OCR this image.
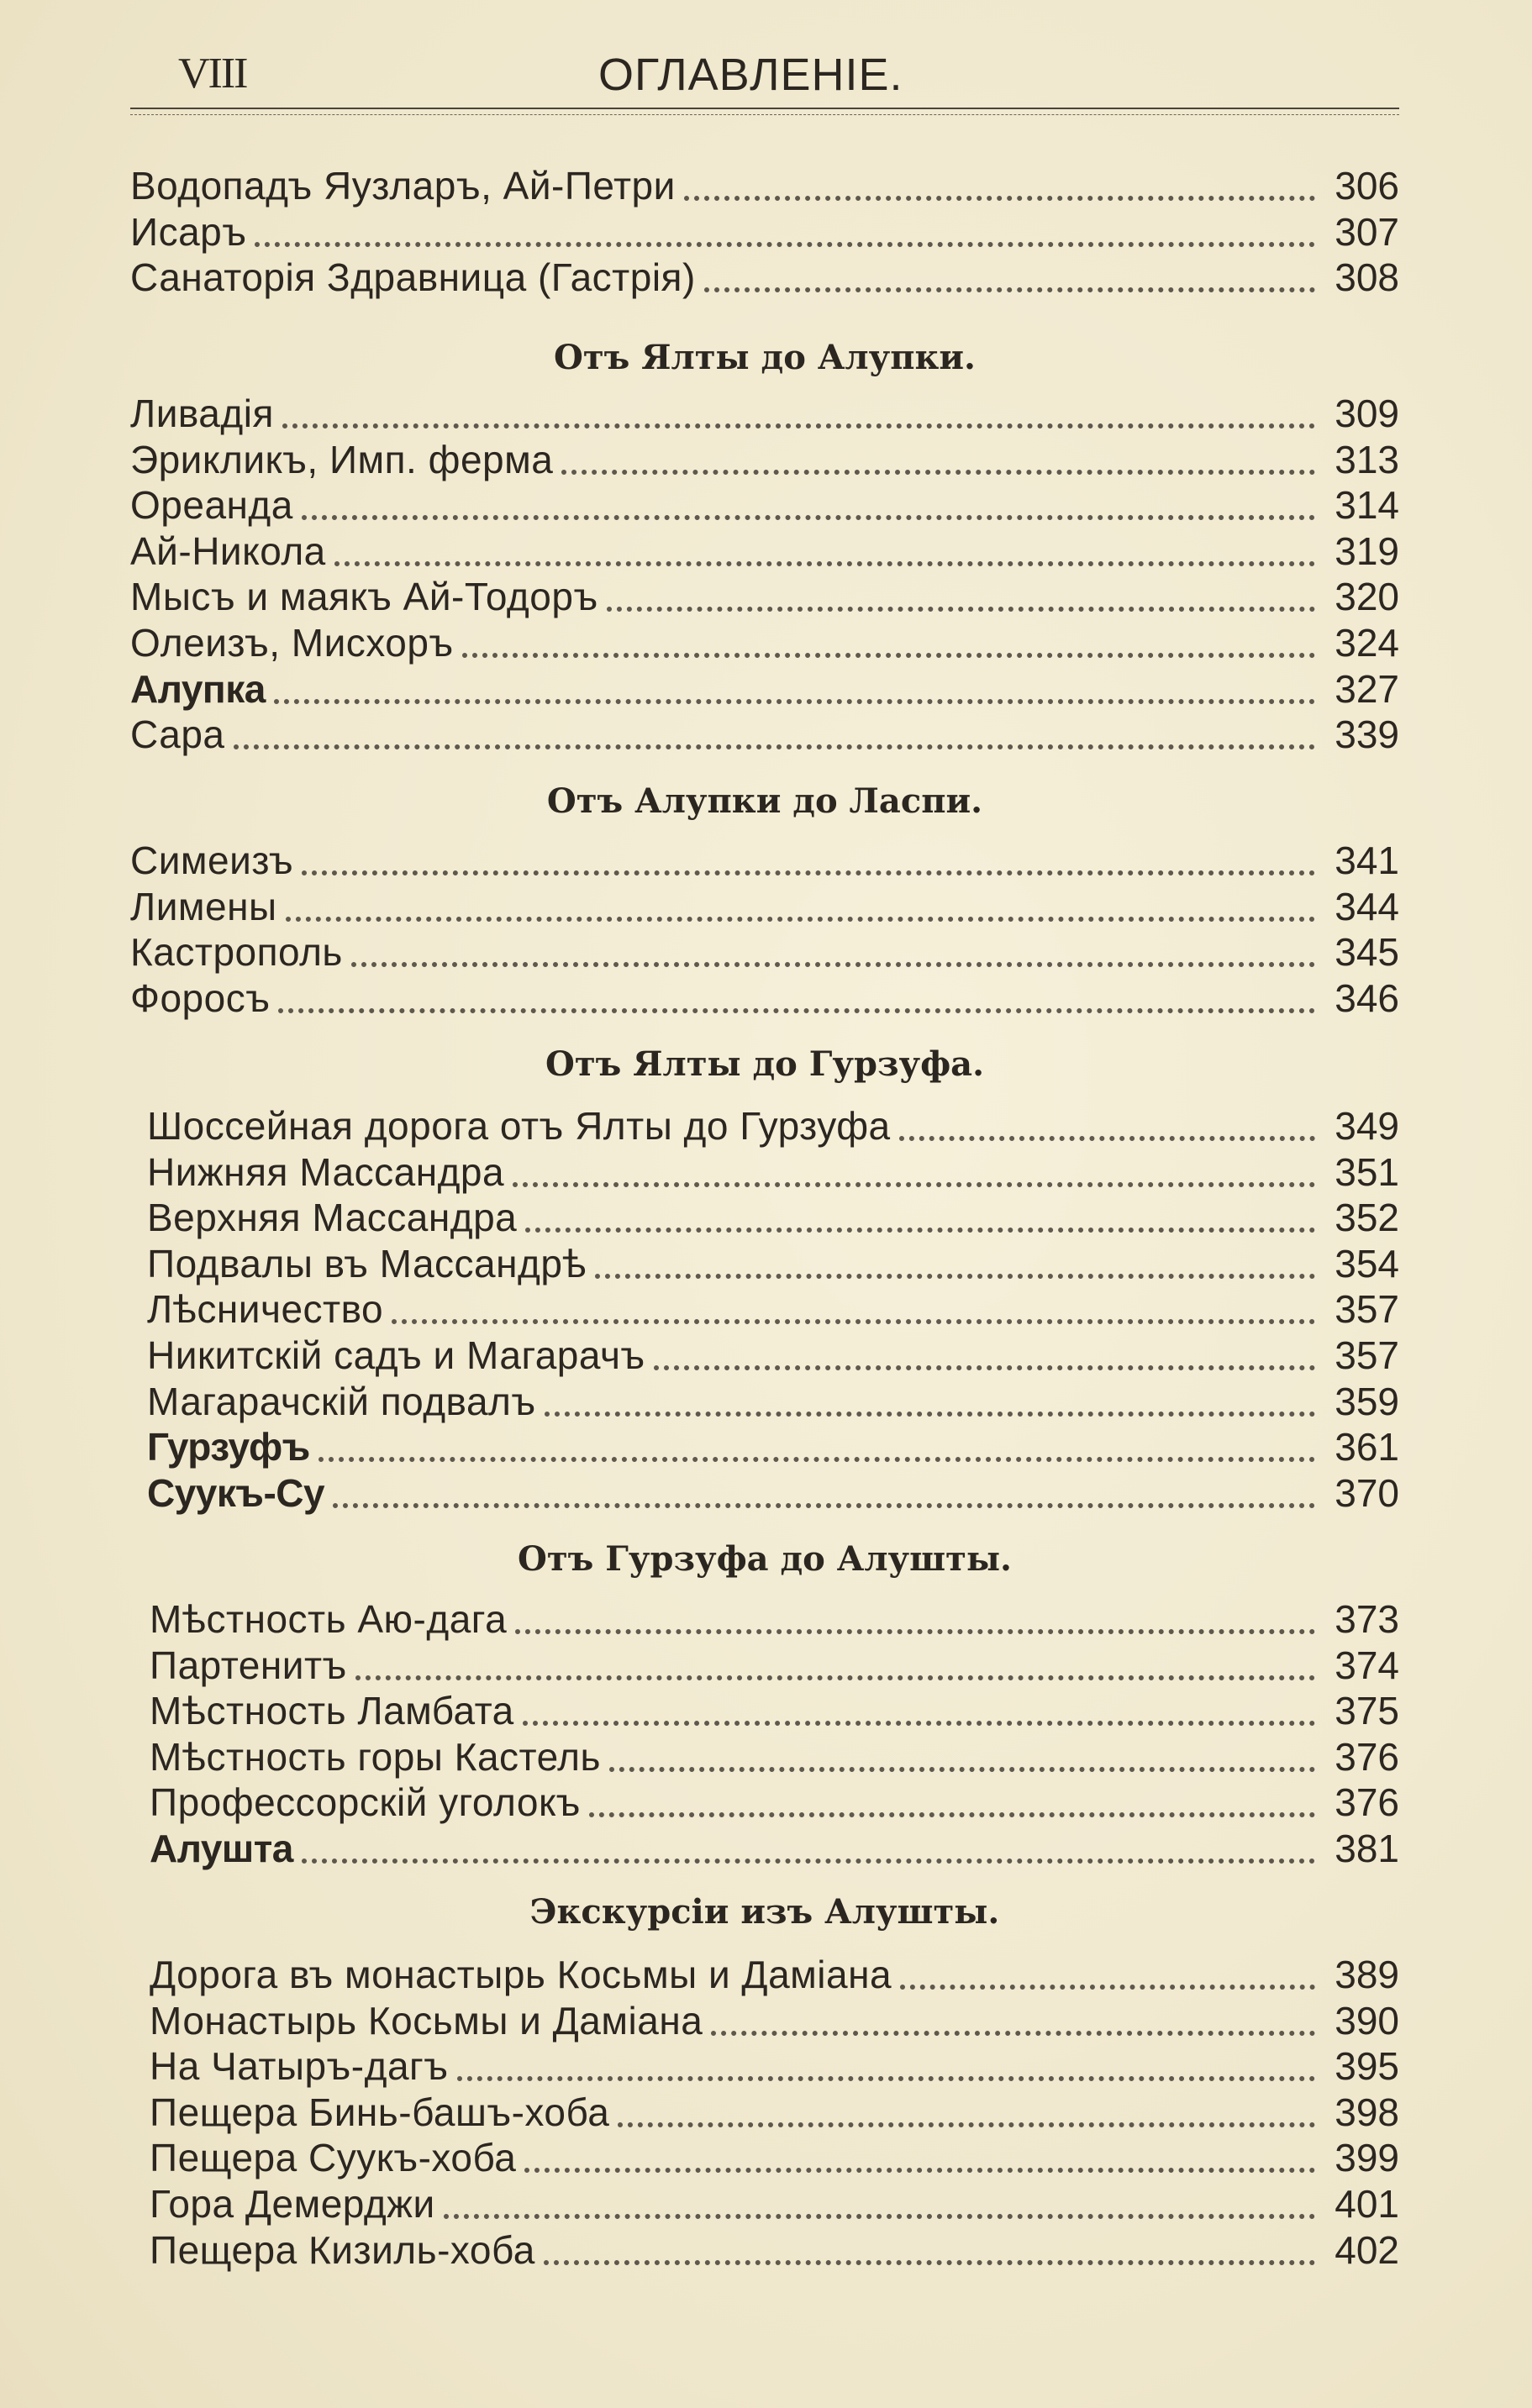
VIII	ОГЛАВЛЕНІЕ.
Водопадъ Яузларъ, Ай-Петри	306
Исаръ	307
Санаторія Здравница (Гастрія)	308
Отъ Ялты до Алупки.
Ливадія	309
Эрикликъ, Имп. ферма	313
Ореанда	314
Ай-Никола	319
Мысъ и маякъ Ай-Тодоръ	320
Олеизъ, Мисхоръ	324
Алупка	327
Сара	339
Отъ Алупки до Ласпи.
Симеизъ	341
Лимены	344
Кастрополь	345
Форосъ	346
Отъ Ялты до Гурзуфа.
Шоссейная дорога отъ Ялты до Гурзуфа	349
Нижняя Массандра	351
Верхняя Массандра	352
Подвалы въ Массандрѣ	354
Лѣсничество	357
Никитскій садъ и Магарачъ	357
Магарачскій подвалъ	359
Гурзуфъ	361
Суукъ-Су	370
Отъ Гурзуфа до Алушты.
Мѣстность Аю-дага	373
Партенитъ	374
Мѣстность Ламбата	375
Мѣстность горы Кастель	376
Профессорскій уголокъ	376
Алушта	381
Экскурсіи изъ Алушты.
Дорога въ монастырь Косьмы и Даміана	389
Монастырь Косьмы и Даміана	390
На Чатыръ-дагъ	395
Пещера Бинь-башъ-хоба	398
Пещера Суукъ-хоба	399
Гора Демерджи	401
Пещера Кизиль-хоба	402
